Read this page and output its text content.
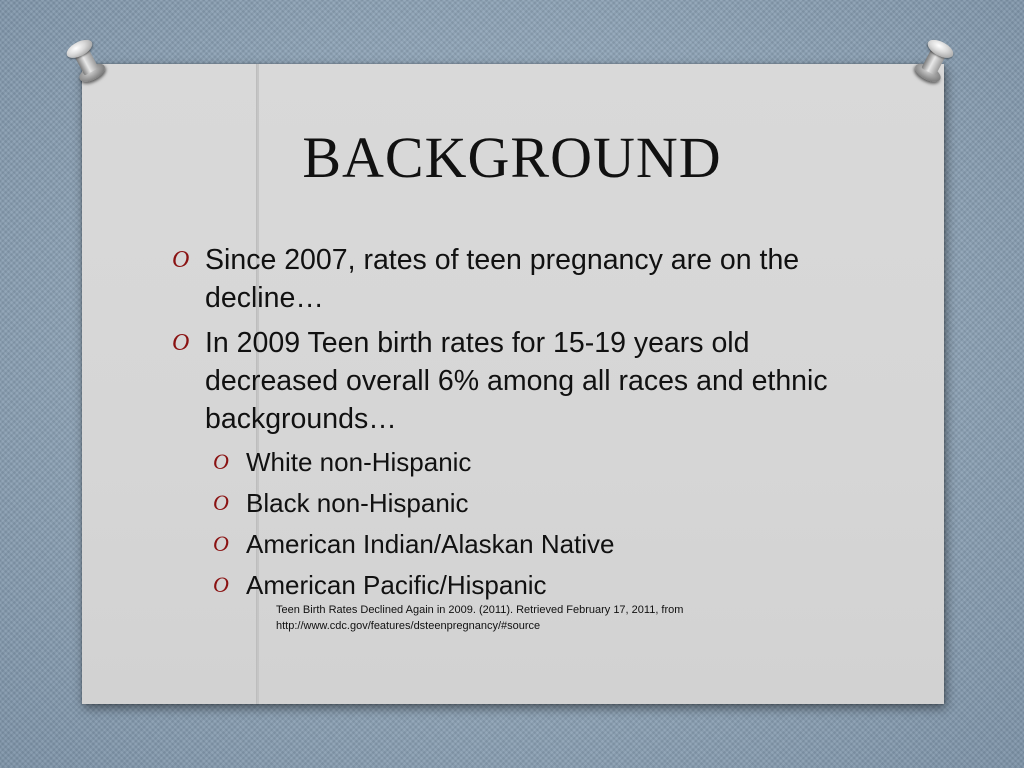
BACKGROUND
O Since 2007, rates of teen pregnancy are on the decline…
O In 2009 Teen birth rates for 15-19 years old decreased overall 6% among all races and ethnic backgrounds…
O White non-Hispanic
O Black non-Hispanic
O American Indian/Alaskan Native
O American Pacific/Hispanic
Teen Birth Rates Declined Again in 2009. (2011). Retrieved February 17, 2011, from
http://www.cdc.gov/features/dsteenpregnancy/#source
